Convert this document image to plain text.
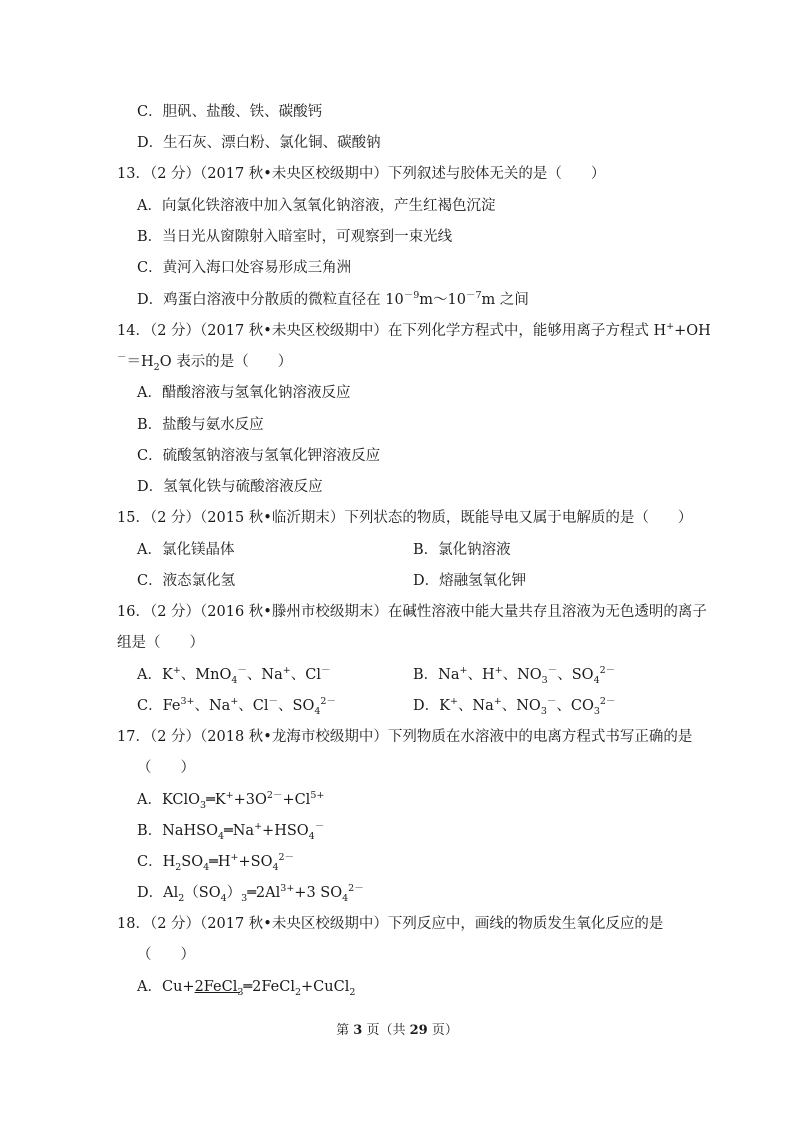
C．胆矾、盐酸、铁、碳酸钙
D．生石灰、漂白粉、氯化铜、碳酸钠
13．（2 分）（2017 秋•未央区校级期中）下列叙述与胶体无关的是（　　）
A．向氯化铁溶液中加入氢氧化钠溶液，产生红褐色沉淀
B．当日光从窗隙射入暗室时，可观察到一束光线
C．黄河入海口处容易形成三角洲
D．鸡蛋白溶液中分散质的微粒直径在 $10^{-9}m\sim 10^{-7}m$ 之间
14．（2 分）（2017 秋•未央区校级期中）在下列化学方程式中，能够用离子方程式 H++OH
$^-=H_2O$ 表示的是（　　）
A．醋酸溶液与氢氧化钠溶液反应
B．盐酸与氨水反应
C．硫酸氢钠溶液与氢氧化钾溶液反应
D．氢氧化铁与硫酸溶液反应
15．（2 分）（2015 秋•临沂期末）下列状态的物质，既能导电又属于电解质的是（　　）
A．氯化镁晶体	B．氯化钠溶液
C．液态氯化氢	D．熔融氢氧化钾
16．（2 分）（2016 秋•滕州市校级期末）在碱性溶液中能大量共存且溶液为无色透明的离子
组是（　　）
A．K+、MnO$_4$－、Na+、Cl－	B．Na+、H+、$NO_3^-$、$SO_4^{2-}$
C．$Fe^{3+}$、Na+、Cl－、$SO_4^{2-}$	D．K+、Na+、$NO_3^-$、$CO_3^{2-}$
17．（2 分）（2018 秋•龙海市校级期中）下列物质在水溶液中的电离方程式书写正确的是
（　　）
A．$KClO_3═K^++3O^{2-}+Cl^{5+}$
B．$NaHSO_4═Na^++HSO_4^-$
C．$H_2SO_4═H^++SO_4^{2-}$
D．$Al_2(SO_4)_3═2Al^{3+}+3$ $SO_4^{2-}$
18．（2 分）（2017 秋•未央区校级期中）下列反应中，画线的物质发生氧化反应的是
（　　）
A．Cu+2FeCl$_3$═2FeCl$_2$+CuCl$_2$
第 3 页（共 29 页）
